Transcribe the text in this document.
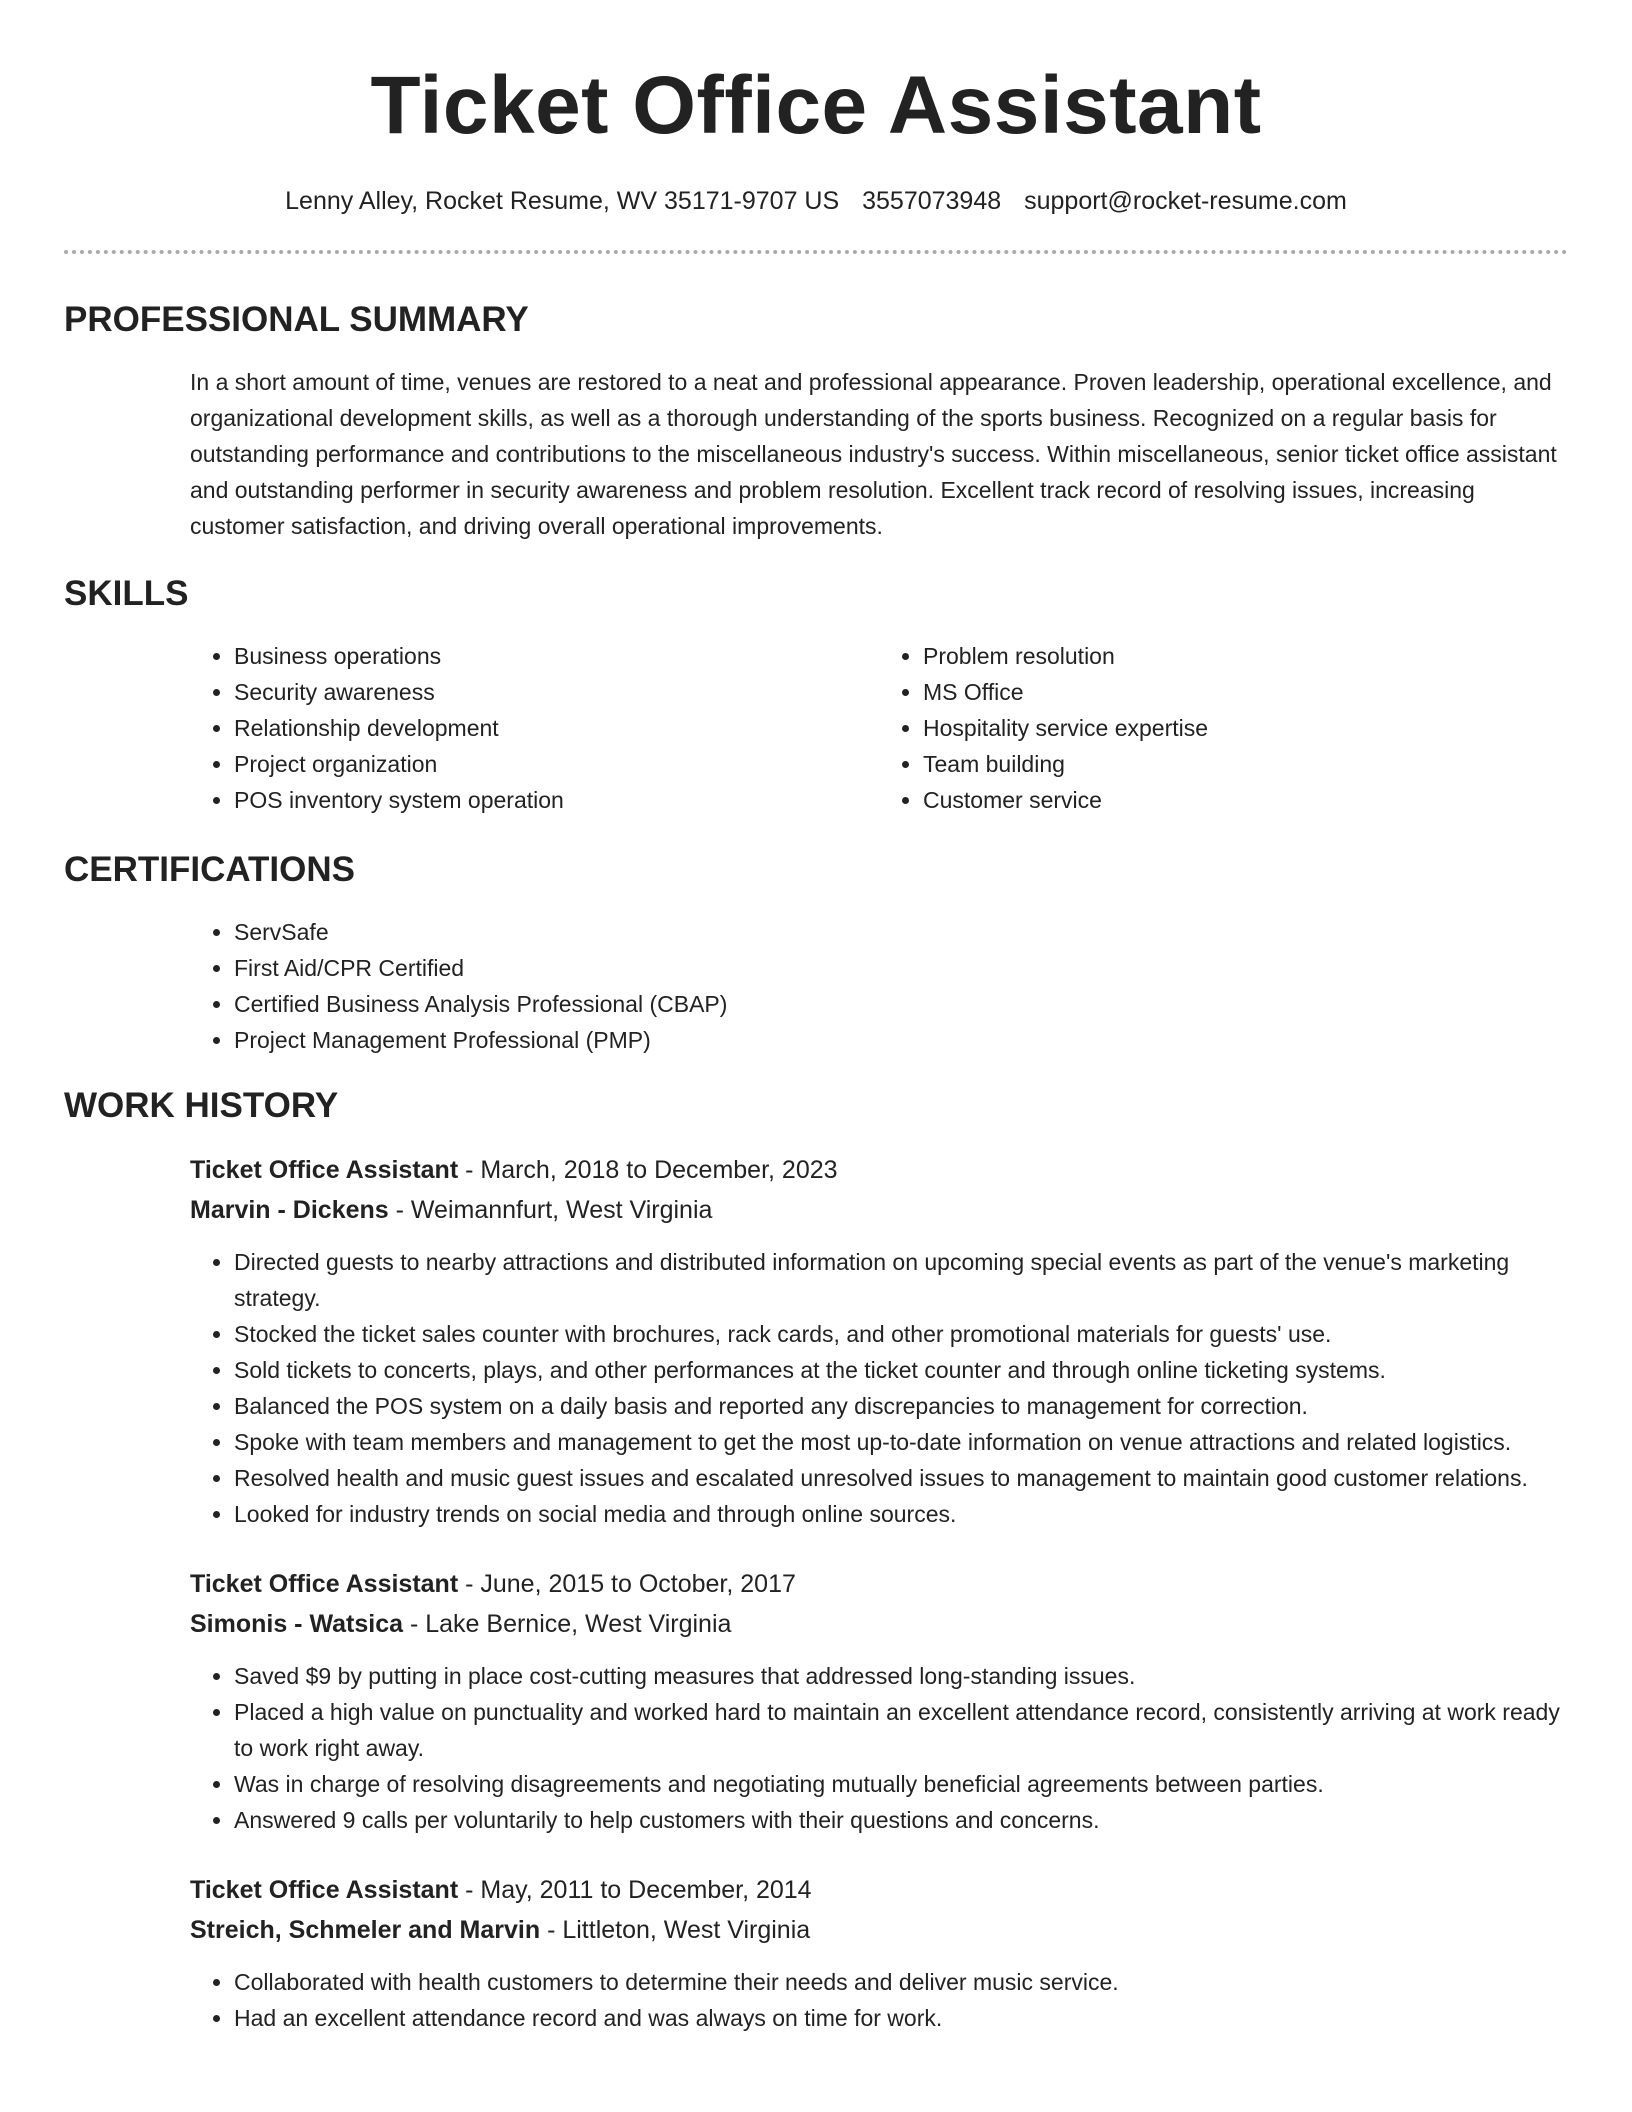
Ticket Office Assistant
Lenny Alley, Rocket Resume, WV 35171-9707 US 3557073948 support@rocket-resume.com
PROFESSIONAL SUMMARY

In a short amount of time, venues are restored to a neat and professional appearance. Proven leadership, operational excellence, and organizational development skills, as well as a thorough understanding of the sports business. Recognized on a regular basis for outstanding performance and contributions to the miscellaneous industry's success. Within miscellaneous, senior ticket office assistant and outstanding performer in security awareness and problem resolution. Excellent track record of resolving issues, increasing customer satisfaction, and driving overall operational improvements.

SKILLS
• Business operations
• Security awareness
• Relationship development
• Project organization
• POS inventory system operation
• Problem resolution
• MS Office
• Hospitality service expertise
• Team building
• Customer service
CERTIFICATIONS
• ServSafe
• First Aid/CPR Certified
• Certified Business Analysis Professional (CBAP)
• Project Management Professional (PMP)
WORK HISTORY
Ticket Office Assistant - March, 2018 to December, 2023
Marvin - Dickens - Weimannfurt, West Virginia
• Directed guests to nearby attractions and distributed information on upcoming special events as part of the venue's marketing strategy.
• Stocked the ticket sales counter with brochures, rack cards, and other promotional materials for guests' use.
• Sold tickets to concerts, plays, and other performances at the ticket counter and through online ticketing systems.
• Balanced the POS system on a daily basis and reported any discrepancies to management for correction.
• Spoke with team members and management to get the most up-to-date information on venue attractions and related logistics.
• Resolved health and music guest issues and escalated unresolved issues to management to maintain good customer relations.
• Looked for industry trends on social media and through online sources.
Ticket Office Assistant - June, 2015 to October, 2017
Simonis - Watsica - Lake Bernice, West Virginia
• Saved $9 by putting in place cost-cutting measures that addressed long-standing issues.
• Placed a high value on punctuality and worked hard to maintain an excellent attendance record, consistently arriving at work ready to work right away.
• Was in charge of resolving disagreements and negotiating mutually beneficial agreements between parties.
• Answered 9 calls per voluntarily to help customers with their questions and concerns.
Ticket Office Assistant - May, 2011 to December, 2014
Streich, Schmeler and Marvin - Littleton, West Virginia
• Collaborated with health customers to determine their needs and deliver music service.
• Had an excellent attendance record and was always on time for work.
